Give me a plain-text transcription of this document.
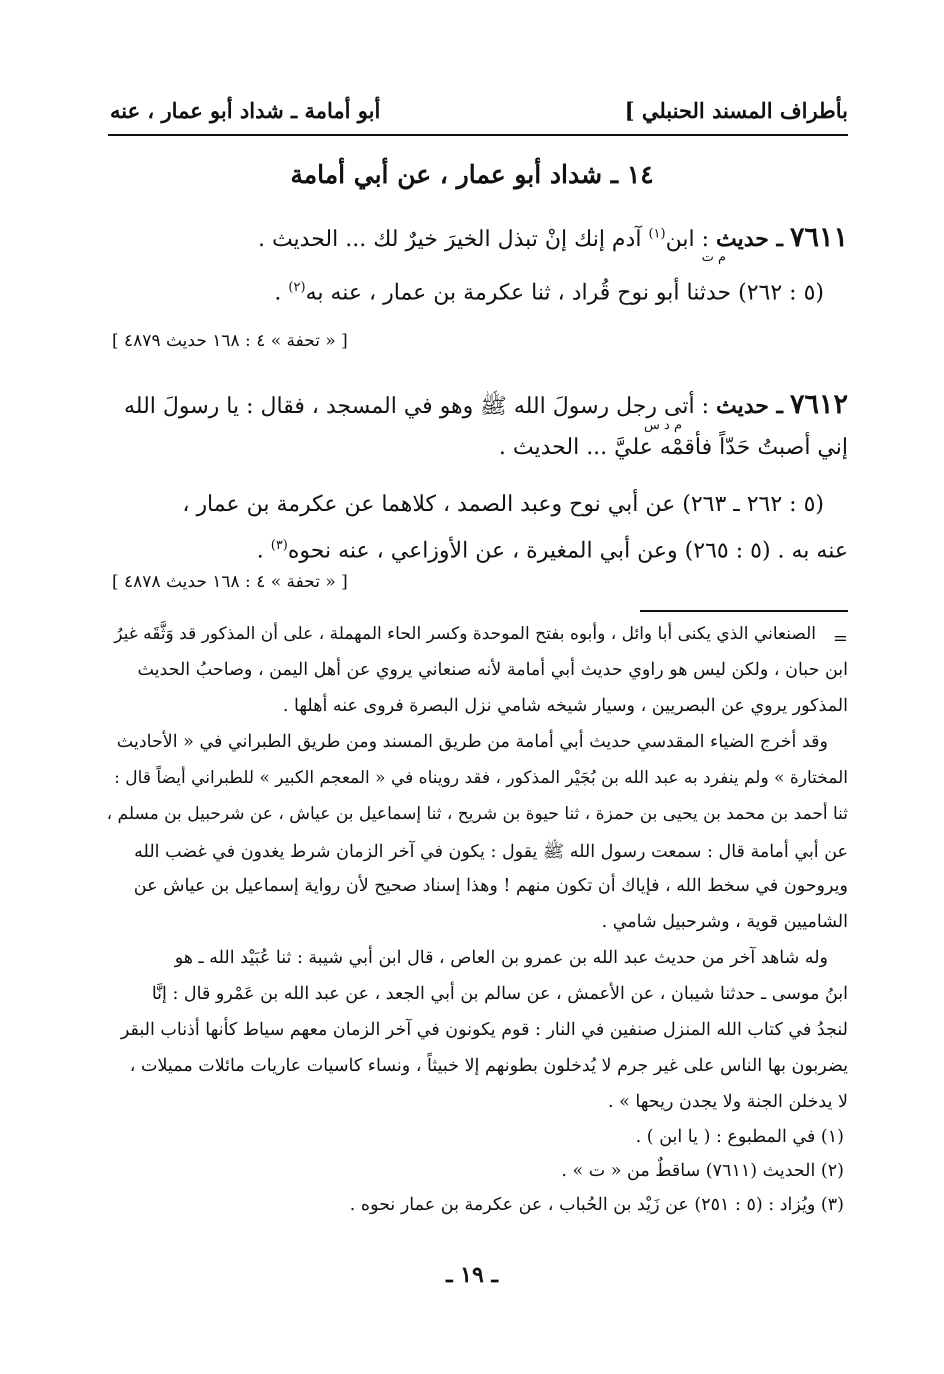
بأطراف المسند الحنبلي ]
أبو أمامة ـ شداد أبو عمار ، عنه
١٤ ـ شداد أبو عمار ، عن أبي أمامة
٧٦١١ ـ حديث : ابن$^{(١)}$ آدم إنك إنْ تبذل الخيرَ خيرٌ لك ... الحديث .
م ت
(٥ : ٢٦٢) حدثنا أبو نوح قُراد ، ثنا عكرمة بن عمار ، عنه به$^{(٢)}$ .
[ « تحفة » ٤ : ١٦٨ حديث ٤٨٧٩ ]
٧٦١٢ ـ حديث : أتى رجل رسولَ الله ﷺ وهو في المسجد ، فقال : يا رسولَ الله
م د س
إني أصبتُ حَدّاً فأقمْه عليَّ ... الحديث .
(٥ : ٢٦٢ ـ ٢٦٣) عن أبي نوح وعبد الصمد ، كلاهما عن عكرمة بن عمار ،
عنه به . (٥ : ٢٦٥) وعن أبي المغيرة ، عن الأوزاعي ، عنه نحوه$^{(٣)}$ .
[ « تحفة » ٤ : ١٦٨ حديث ٤٨٧٨ ]
=
الصنعاني الذي يكنى أبا وائل ، وأبوه بفتح الموحدة وكسر الحاء المهملة ، على أن المذكور قد وَثَّقَه غيرُ
ابن حبان ، ولكن ليس هو راوي حديث أبي أمامة لأنه صنعاني يروي عن أهل اليمن ، وصاحبُ الحديث
المذكور يروي عن البصريين ، وسيار شيخه شامي نزل البصرة فروى عنه أهلها .
وقد أخرج الضياء المقدسي حديث أبي أمامة من طريق المسند ومن طريق الطبراني في « الأحاديث
المختارة » ولم ينفرد به عبد الله بن بُجَيْر المذكور ، فقد رويناه في « المعجم الكبير » للطبراني أيضاً قال :
ثنا أحمد بن محمد بن يحيى بن حمزة ، ثنا حيوة بن شريح ، ثنا إسماعيل بن عياش ، عن شرحبيل بن مسلم ،
عن أبي أمامة قال : سمعت رسول الله ﷺ يقول : يكون في آخر الزمان شرط يغدون في غضب الله
ويروحون في سخط الله ، فإياك أن تكون منهم ! وهذا إسناد صحيح لأن رواية إسماعيل بن عياش عن
الشاميين قوية ، وشرحبيل شامي .
وله شاهد آخر من حديث عبد الله بن عمرو بن العاص ، قال ابن أبي شيبة : ثنا عُبَيْد الله ـ هو
ابنُ موسى ـ حدثنا شيبان ، عن الأعمش ، عن سالم بن أبي الجعد ، عن عبد الله بن عَمْرو قال : إنَّا
لنجدُ في كتاب الله المنزل صنفين في النار : قوم يكونون في آخر الزمان معهم سياط كأنها أذناب البقر
يضربون بها الناس على غير جرم لا يُدخلون بطونهم إلا خبيثاً ، ونساء كاسيات عاريات مائلات مميلات ،
لا يدخلن الجنة ولا يجدن ريحها » .
(١) في المطبوع : ( يا ابن ) .
(٢) الحديث (٧٦١١) ساقطٌ من « ت » .
(٣) ويُزاد : (٥ : ٢٥١) عن زَيْد بن الحُباب ، عن عكرمة بن عمار نحوه .
ـ ١٩ ـ
